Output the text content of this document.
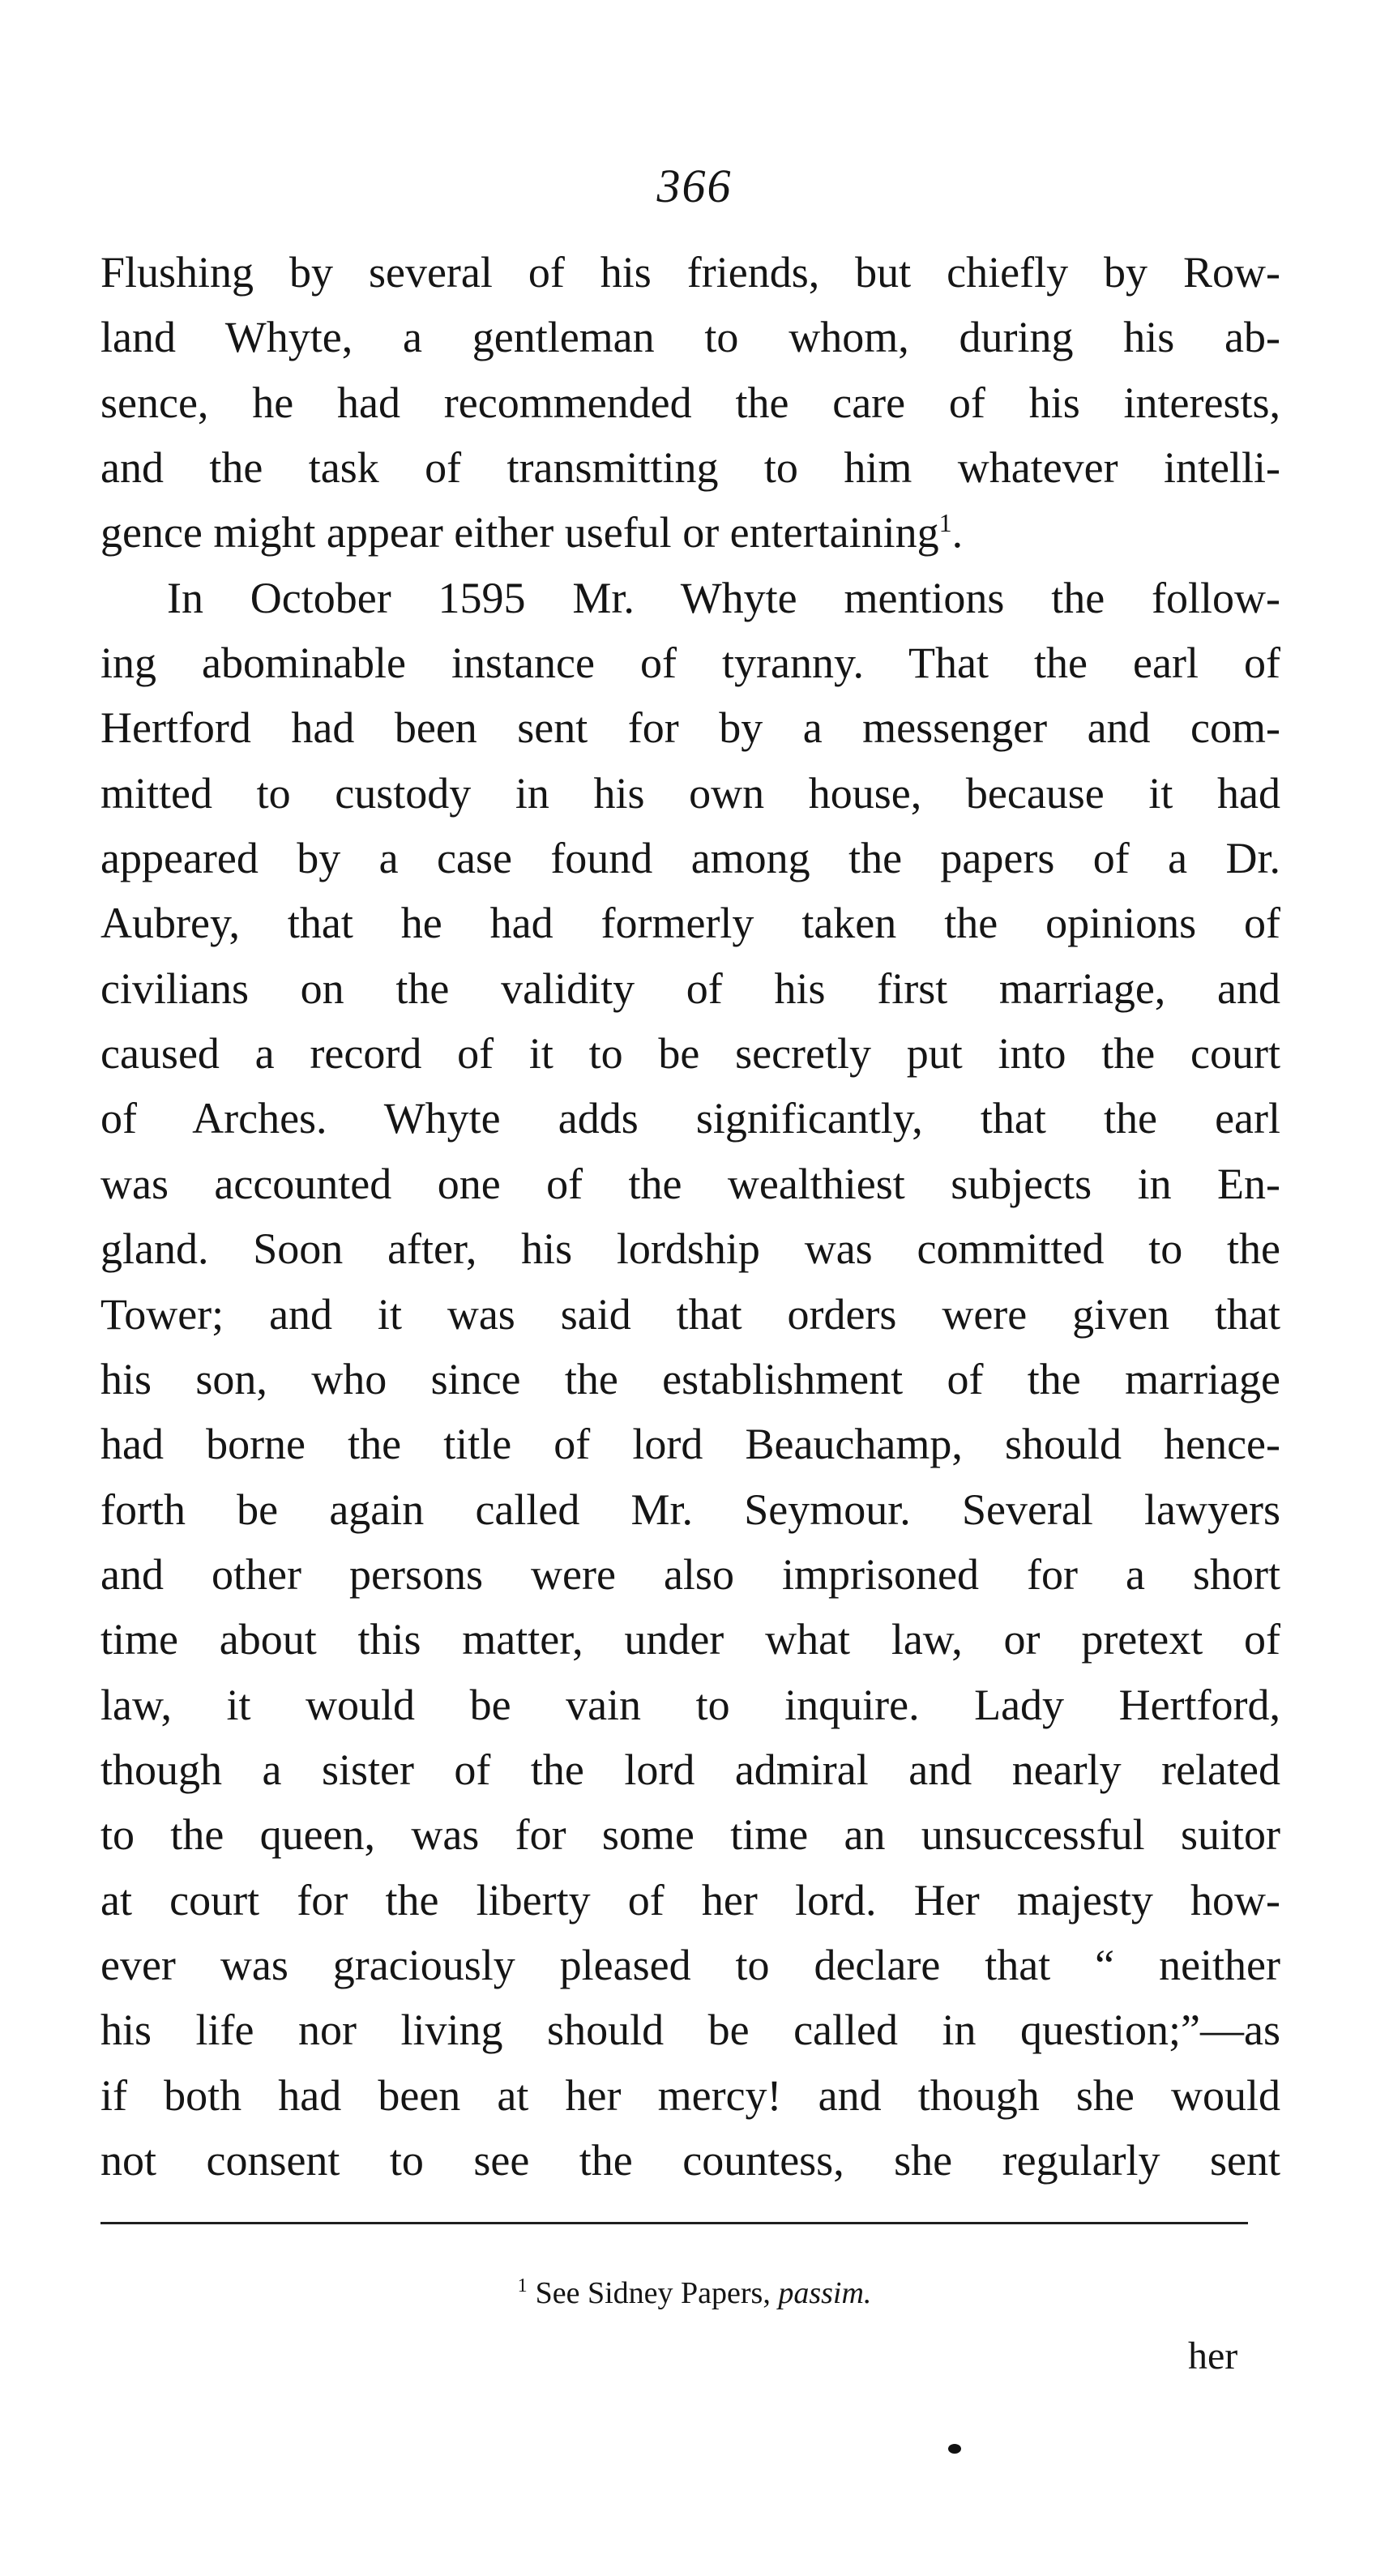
366
Flushing by several of his friends, but chiefly by Row-
land Whyte, a gentleman to whom, during his ab-
sence, he had recommended the care of his interests,
and the task of transmitting to him whatever intelli-
gence might appear either useful or entertaining$^1$.
In October 1595 Mr. Whyte mentions the follow-
ing abominable instance of tyranny. That the earl of
Hertford had been sent for by a messenger and com-
mitted to custody in his own house, because it had
appeared by a case found among the papers of a Dr.
Aubrey, that he had formerly taken the opinions of
civilians on the validity of his first marriage, and
caused a record of it to be secretly put into the court
of Arches. Whyte adds significantly, that the earl
was accounted one of the wealthiest subjects in En-
gland. Soon after, his lordship was committed to the
Tower; and it was said that orders were given that
his son, who since the establishment of the marriage
had borne the title of lord Beauchamp, should hence-
forth be again called Mr. Seymour. Several lawyers
and other persons were also imprisoned for a short
time about this matter, under what law, or pretext of
law, it would be vain to inquire. Lady Hertford,
though a sister of the lord admiral and nearly related
to the queen, was for some time an unsuccessful suitor
at court for the liberty of her lord. Her majesty how-
ever was graciously pleased to declare that “ neither
his life nor living should be called in question;”—as
if both had been at her mercy! and though she would
not consent to see the countess, she regularly sent
$^1$ See Sidney Papers, passim.
her
